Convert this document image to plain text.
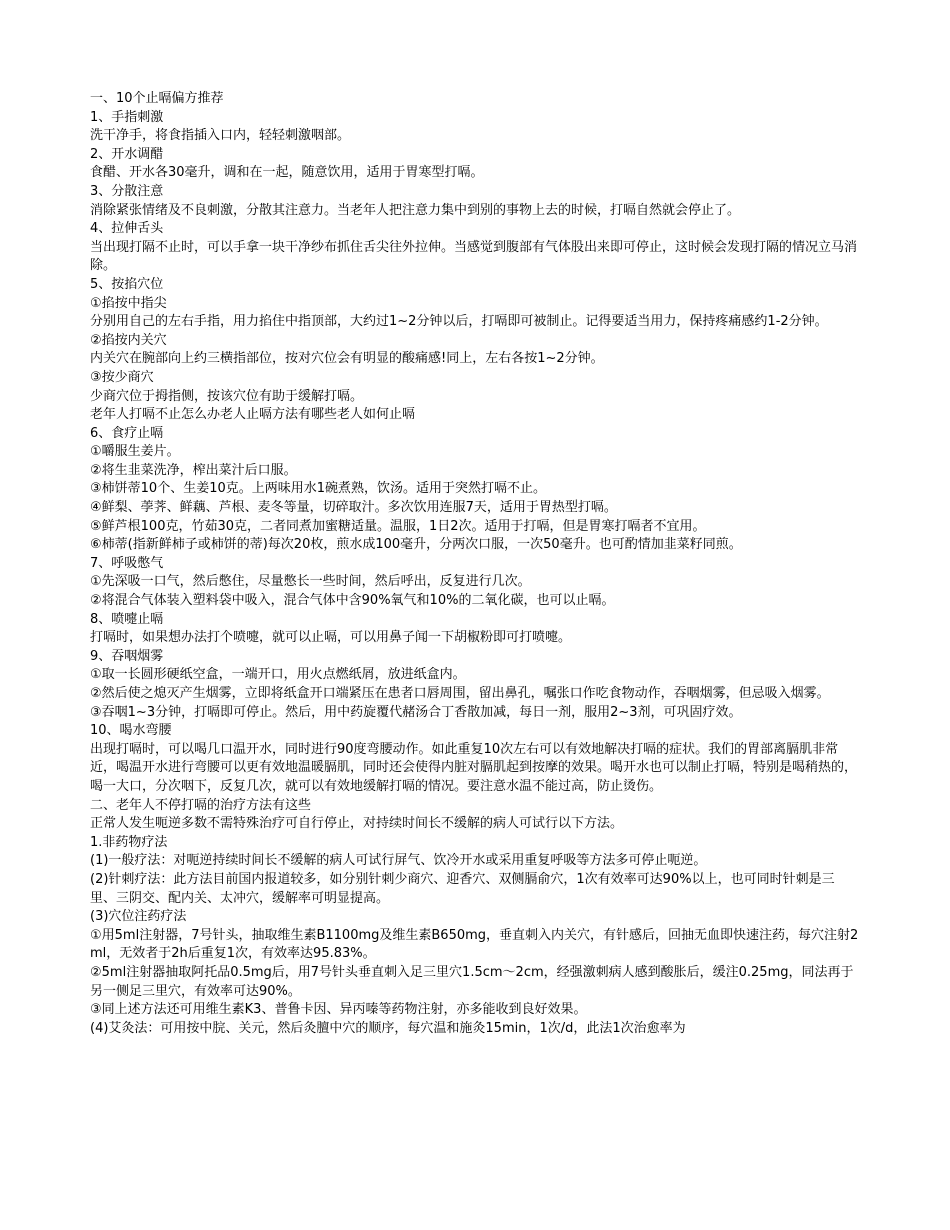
一、10个止嗝偏方推荐

1、手指刺激

洗干净手，将食指插入口内，轻轻刺激咽部。

2、开水调醋

食醋、开水各30毫升，调和在一起，随意饮用，适用于胃寒型打嗝。

3、分散注意

消除紧张情绪及不良刺激，分散其注意力。当老年人把注意力集中到别的事物上去的时候，打嗝自然就会停止了。

4、拉伸舌头

当出现打隔不止时，可以手拿一块干净纱布抓住舌尖往外拉伸。当感觉到腹部有气体股出来即可停止，这时候会发现打隔的情况立马消除。

5、按掐穴位

①掐按中指尖

分别用自己的左右手指，用力掐住中指顶部，大约过1~2分钟以后，打嗝即可被制止。记得要适当用力，保持疼痛感约1-2分钟。

②掐按内关穴

内关穴在腕部向上约三横指部位，按对穴位会有明显的酸痛感!同上，左右各按1~2分钟。

③按少商穴

少商穴位于拇指侧，按该穴位有助于缓解打嗝。

老年人打嗝不止怎么办老人止嗝方法有哪些老人如何止嗝

6、食疗止嗝

①嚼服生姜片。

②将生韭菜洗净，榨出菜汁后口服。

③柿饼蒂10个、生姜10克。上两味用水1碗煮熟，饮汤。适用于突然打嗝不止。

④鲜梨、荸荠、鲜藕、芦根、麦冬等量，切碎取汁。多次饮用连服7天，适用于胃热型打嗝。

⑤鲜芦根100克，竹茹30克，二者同煮加蜜糖适量。温服，1日2次。适用于打嗝，但是胃寒打嗝者不宜用。

⑥柿蒂(指新鲜柿子或柿饼的蒂)每次20枚，煎水成100毫升，分两次口服，一次50毫升。也可酌情加韭菜籽同煎。

7、呼吸憋气

①先深吸一口气，然后憋住，尽量憋长一些时间，然后呼出，反复进行几次。

②将混合气体装入塑料袋中吸入，混合气体中含90%氧气和10%的二氧化碳，也可以止嗝。

8、喷嚏止嗝

打嗝时，如果想办法打个喷嚏，就可以止嗝，可以用鼻子闻一下胡椒粉即可打喷嚏。

9、吞咽烟雾

①取一长圆形硬纸空盒，一端开口，用火点燃纸屑，放进纸盒内。

②然后使之熄灭产生烟雾，立即将纸盒开口端紧压在患者口唇周围，留出鼻孔，嘱张口作吃食物动作，吞咽烟雾，但忌吸入烟雾。

③吞咽1~3分钟，打嗝即可停止。然后，用中药旋覆代赭汤合丁香散加减，每日一剂，服用2~3剂，可巩固疗效。

10、喝水弯腰

出现打嗝时，可以喝几口温开水，同时进行90度弯腰动作。如此重复10次左右可以有效地解决打嗝的症状。我们的胃部离膈肌非常近，喝温开水进行弯腰可以更有效地温暖膈肌，同时还会使得内脏对膈肌起到按摩的效果。喝开水也可以制止打嗝，特别是喝稍热的，喝一大口，分次咽下，反复几次，就可以有效地缓解打嗝的情况。要注意水温不能过高，防止烫伤。

二、老年人不停打嗝的治疗方法有这些

正常人发生呃逆多数不需特殊治疗可自行停止，对持续时间长不缓解的病人可试行以下方法。

1.非药物疗法

(1)一般疗法：对呃逆持续时间长不缓解的病人可试行屏气、饮冷开水或采用重复呼吸等方法多可停止呃逆。

(2)针刺疗法：此方法目前国内报道较多，如分别针刺少商穴、迎香穴、双侧膈俞穴，1次有效率可达90%以上，也可同时针刺是三里、三阴交、配内关、太冲穴，缓解率可明显提高。

(3)穴位注药疗法

①用5ml注射器，7号针头，抽取维生素B1100mg及维生素B650mg，垂直刺入内关穴，有针感后，回抽无血即快速注药，每穴注射2ml，无效者于2h后重复1次，有效率达95.83%。

②5ml注射器抽取阿托品0.5mg后，用7号针头垂直刺入足三里穴1.5cm～2cm，经强激刺病人感到酸胀后，缓注0.25mg，同法再于另一侧足三里穴，有效率可达90%。

③同上述方法还可用维生素K3、普鲁卡因、异丙嗪等药物注射，亦多能收到良好效果。

(4)艾灸法：可用按中脘、关元，然后灸膻中穴的顺序，每穴温和施灸15min，1次/d，此法1次治愈率为
